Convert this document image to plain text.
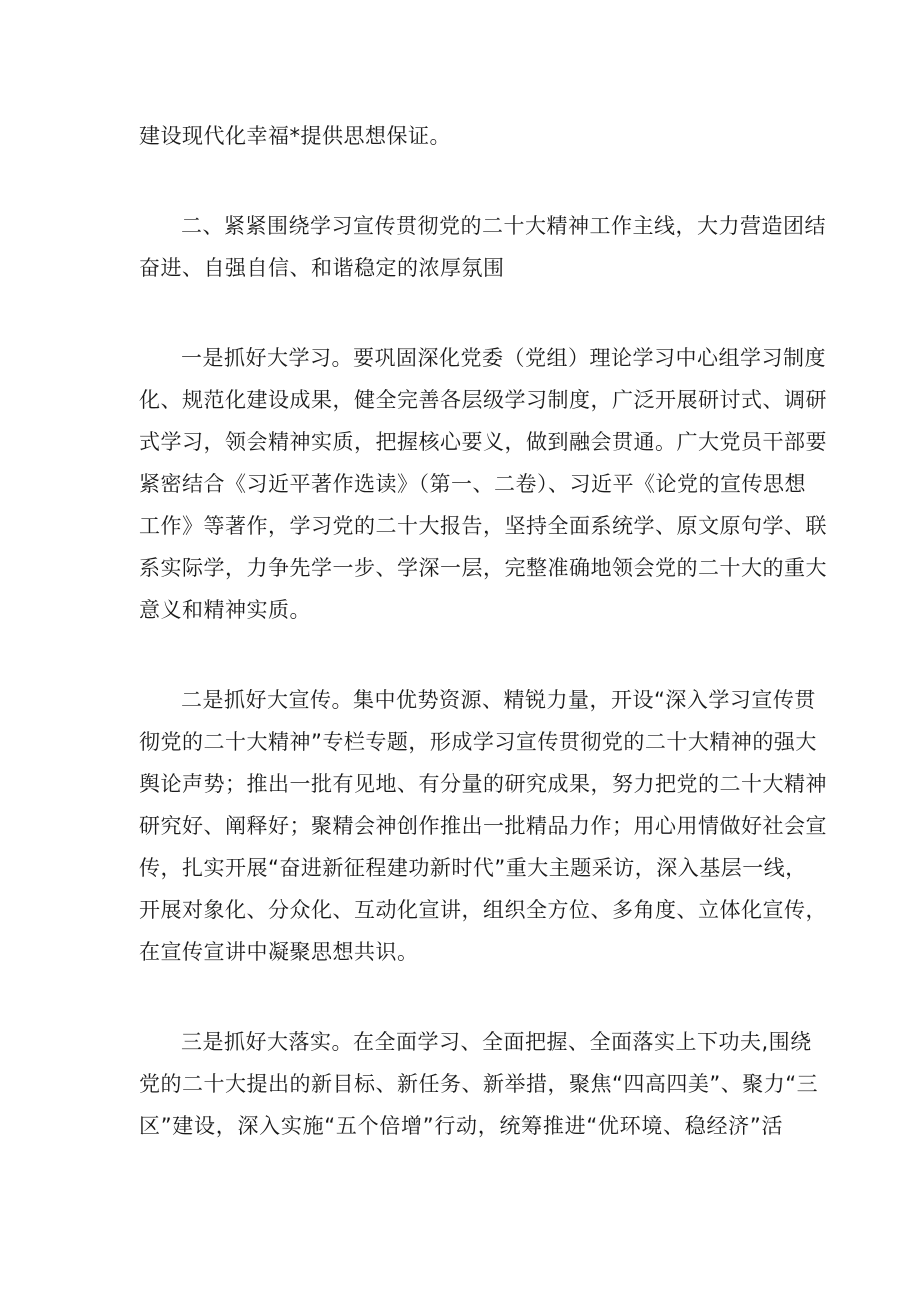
建设现代化幸福*提供思想保证。
二、紧紧围绕学习宣传贯彻党的二十大精神工作主线，大力营造团结
奋进、自强自信、和谐稳定的浓厚氛围
一是抓好大学习。要巩固深化党委（党组）理论学习中心组学习制度
化、规范化建设成果，健全完善各层级学习制度，广泛开展研讨式、调研
式学习，领会精神实质，把握核心要义，做到融会贯通。广大党员干部要
紧密结合《习近平著作选读》（第一、二卷）、习近平《论党的宣传思想
工作》等著作，学习党的二十大报告，坚持全面系统学、原文原句学、联
系实际学，力争先学一步、学深一层，完整准确地领会党的二十大的重大
意义和精神实质。
二是抓好大宣传。集中优势资源、精锐力量，开设“深入学习宣传贯
彻党的二十大精神”专栏专题，形成学习宣传贯彻党的二十大精神的强大
舆论声势；推出一批有见地、有分量的研究成果，努力把党的二十大精神
研究好、阐释好；聚精会神创作推出一批精品力作；用心用情做好社会宣
传，扎实开展“奋进新征程建功新时代”重大主题采访，深入基层一线，
开展对象化、分众化、互动化宣讲，组织全方位、多角度、立体化宣传，
在宣传宣讲中凝聚思想共识。
三是抓好大落实。在全面学习、全面把握、全面落实上下功夫,围绕
党的二十大提出的新目标、新任务、新举措，聚焦“四高四美”、聚力“三
区”建设，深入实施“五个倍增”行动，统筹推进“优环境、稳经济”活
